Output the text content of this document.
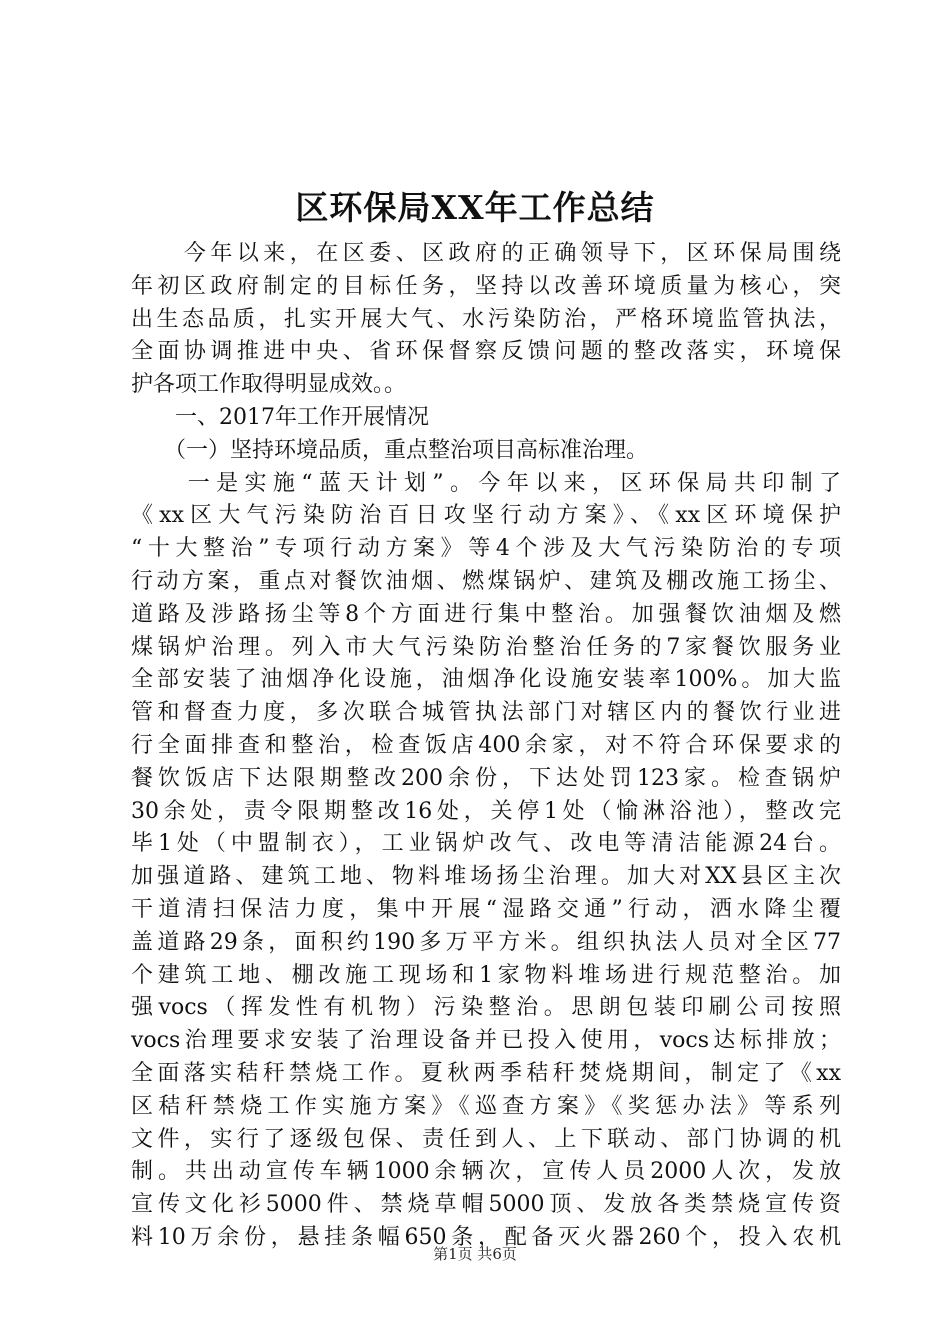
区环保局XX年工作总结
　　今年以来，在区委、区政府的正确领导下，区环保局围绕
年初区政府制定的目标任务，坚持以改善环境质量为核心，突
出生态品质，扎实开展大气、水污染防治，严格环境监管执法，
全面协调推进中央、省环保督察反馈问题的整改落实，环境保
护各项工作取得明显成效。。
　　一、2017年工作开展情况
　　（一）坚持环境品质，重点整治项目高标准治理。
　　一是实施“蓝天计划”。今年以来，区环保局共印制了
《xx区大气污染防治百日攻坚行动方案》、《xx区环境保护
“十大整治”专项行动方案》等4个涉及大气污染防治的专项
行动方案，重点对餐饮油烟、燃煤锅炉、建筑及棚改施工扬尘、
道路及涉路扬尘等8个方面进行集中整治。加强餐饮油烟及燃
煤锅炉治理。列入市大气污染防治整治任务的7家餐饮服务业
全部安装了油烟净化设施，油烟净化设施安装率100%。加大监
管和督查力度，多次联合城管执法部门对辖区内的餐饮行业进
行全面排查和整治，检查饭店400余家，对不符合环保要求的
餐饮饭店下达限期整改200余份，下达处罚123家。检查锅炉
30余处，责令限期整改16处，关停1处（愉淋浴池），整改完
毕1处（中盟制衣），工业锅炉改气、改电等清洁能源24台。
加强道路、建筑工地、物料堆场扬尘治理。加大对XX县区主次
干道清扫保洁力度，集中开展“湿路交通”行动，洒水降尘覆
盖道路29条，面积约190多万平方米。组织执法人员对全区77
个建筑工地、棚改施工现场和1家物料堆场进行规范整治。加
强vocs（挥发性有机物）污染整治。思朗包装印刷公司按照
vocs治理要求安装了治理设备并已投入使用，vocs达标排放；
全面落实秸秆禁烧工作。夏秋两季秸秆焚烧期间，制定了《xx
区秸秆禁烧工作实施方案》《巡查方案》《奖惩办法》等系列
文件，实行了逐级包保、责任到人、上下联动、部门协调的机
制。共出动宣传车辆1000余辆次，宣传人员2000人次，发放
宣传文化衫5000件、禁烧草帽5000顶、发放各类禁烧宣传资
料10万余份，悬挂条幅650条，配备灭火器260个，投入农机
第1页 共6页
